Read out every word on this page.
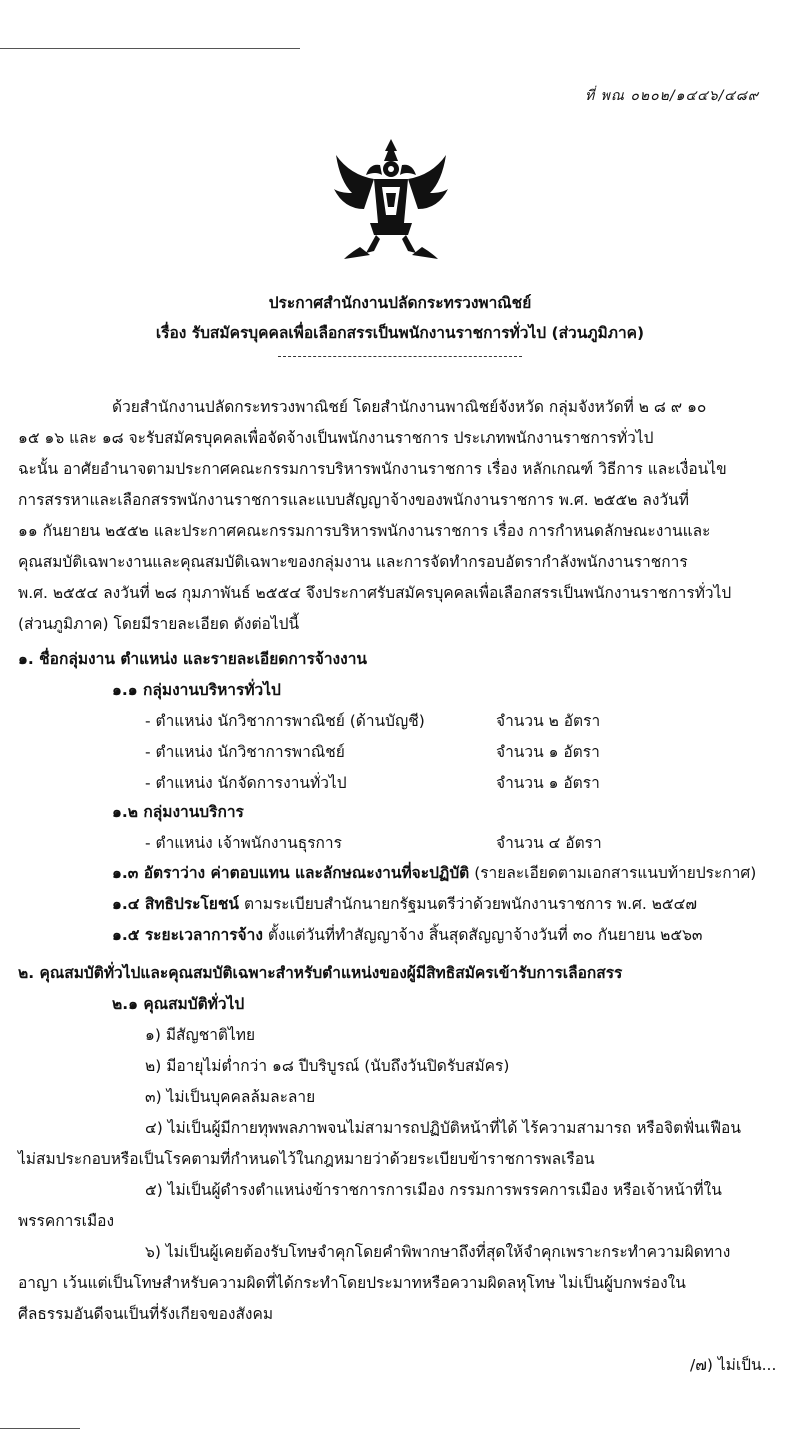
ที่ พณ ๐๒๐๒/๑๔๔๖/๔๘๙
ประกาศสำนักงานปลัดกระทรวงพาณิชย์
เรื่อง รับสมัครบุคคลเพื่อเลือกสรรเป็นพนักงานราชการทั่วไป (ส่วนภูมิภาค)
ด้วยสำนักงานปลัดกระทรวงพาณิชย์ โดยสำนักงานพาณิชย์จังหวัด กลุ่มจังหวัดที่ ๒ ๘ ๙ ๑๐
๑๕ ๑๖ และ ๑๘ จะรับสมัครบุคคลเพื่อจัดจ้างเป็นพนักงานราชการ ประเภทพนักงานราชการทั่วไป
ฉะนั้น อาศัยอำนาจตามประกาศคณะกรรมการบริหารพนักงานราชการ เรื่อง หลักเกณฑ์ วิธีการ และเงื่อนไข
การสรรหาและเลือกสรรพนักงานราชการและแบบสัญญาจ้างของพนักงานราชการ พ.ศ. ๒๕๕๒ ลงวันที่
๑๑ กันยายน ๒๕๕๒ และประกาศคณะกรรมการบริหารพนักงานราชการ เรื่อง การกำหนดลักษณะงานและ
คุณสมบัติเฉพาะงานและคุณสมบัติเฉพาะของกลุ่มงาน และการจัดทำกรอบอัตรากำลังพนักงานราชการ
พ.ศ. ๒๕๕๔ ลงวันที่ ๒๘ กุมภาพันธ์ ๒๕๕๔ จึงประกาศรับสมัครบุคคลเพื่อเลือกสรรเป็นพนักงานราชการทั่วไป
(ส่วนภูมิภาค) โดยมีรายละเอียด ดังต่อไปนี้
๑. ชื่อกลุ่มงาน ตำแหน่ง และรายละเอียดการจ้างงาน
๑.๑ กลุ่มงานบริหารทั่วไป
- ตำแหน่ง นักวิชาการพาณิชย์ (ด้านบัญชี)	จำนวน ๒ อัตรา
- ตำแหน่ง นักวิชาการพาณิชย์	จำนวน ๑ อัตรา
- ตำแหน่ง นักจัดการงานทั่วไป	จำนวน ๑ อัตรา
๑.๒ กลุ่มงานบริการ
- ตำแหน่ง เจ้าพนักงานธุรการ	จำนวน ๔ อัตรา
๑.๓ อัตราว่าง ค่าตอบแทน และลักษณะงานที่จะปฏิบัติ (รายละเอียดตามเอกสารแนบท้ายประกาศ)
๑.๔ สิทธิประโยชน์ ตามระเบียบสำนักนายกรัฐมนตรีว่าด้วยพนักงานราชการ พ.ศ. ๒๕๔๗
๑.๕ ระยะเวลาการจ้าง ตั้งแต่วันที่ทำสัญญาจ้าง สิ้นสุดสัญญาจ้างวันที่ ๓๐ กันยายน ๒๕๖๓
๒. คุณสมบัติทั่วไปและคุณสมบัติเฉพาะสำหรับตำแหน่งของผู้มีสิทธิสมัครเข้ารับการเลือกสรร
๒.๑ คุณสมบัติทั่วไป
๑) มีสัญชาติไทย
๒) มีอายุไม่ต่ำกว่า ๑๘ ปีบริบูรณ์ (นับถึงวันปิดรับสมัคร)
๓) ไม่เป็นบุคคลล้มละลาย
๔) ไม่เป็นผู้มีกายทุพพลภาพจนไม่สามารถปฏิบัติหน้าที่ได้ ไร้ความสามารถ หรือจิตฟั่นเฟือน
ไม่สมประกอบหรือเป็นโรคตามที่กำหนดไว้ในกฎหมายว่าด้วยระเบียบข้าราชการพลเรือน
๕) ไม่เป็นผู้ดำรงตำแหน่งข้าราชการการเมือง กรรมการพรรคการเมือง หรือเจ้าหน้าที่ใน
พรรคการเมือง
๖) ไม่เป็นผู้เคยต้องรับโทษจำคุกโดยคำพิพากษาถึงที่สุดให้จำคุกเพราะกระทำความผิดทาง
อาญา เว้นแต่เป็นโทษสำหรับความผิดที่ได้กระทำโดยประมาทหรือความผิดลหุโทษ ไม่เป็นผู้บกพร่องใน
ศีลธรรมอันดีจนเป็นที่รังเกียจของสังคม
/๗) ไม่เป็น...
